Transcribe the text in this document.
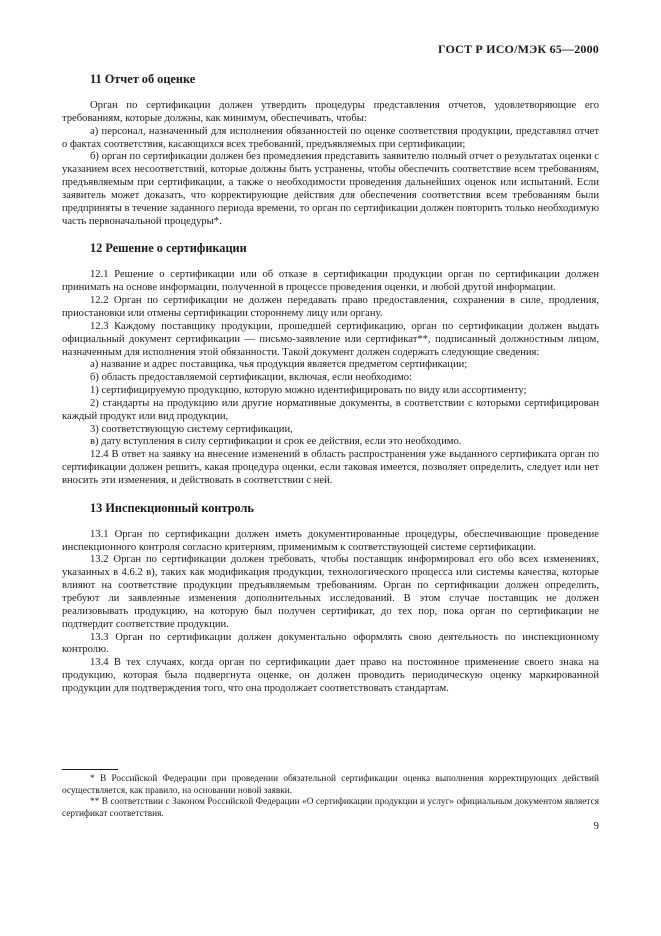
ГОСТ Р ИСО/МЭК 65—2000
11 Отчет об оценке

Орган по сертификации должен утвердить процедуры представления отчетов, удовлетворяющие его требованиям, которые должны, как минимум, обеспечивать, чтобы:

а) персонал, назначенный для исполнения обязанностей по оценке соответствия продукции, представлял отчет о фактах соответствия, касающихся всех требований, предъявляемых при сертификации;

б) орган по сертификации должен без промедления представить заявителю полный отчет о результатах оценки с указанием всех несоответствий, которые должны быть устранены, чтобы обеспечить соответствие всем требованиям, предъявляемым при сертификации, а также о необходимости проведения дальнейших оценок или испытаний. Если заявитель может доказать, что корректирующие действия для обеспечения соответствия всем требованиям были предприняты в течение заданного периода времени, то орган по сертификации должен повторить только необходимую часть первоначальной процедуры*.

12 Решение о сертификации

12.1 Решение о сертификации или об отказе в сертификации продукции орган по сертификации должен принимать на основе информации, полученной в процессе проведения оценки, и любой другой информации.

12.2 Орган по сертификации не должен передавать право предоставления, сохранения в силе, продления, приостановки или отмены сертификации стороннему лицу или органу.

12.3 Каждому поставщику продукции, прошедшей сертификацию, орган по сертификации должен выдать официальный документ сертификации — письмо-заявление или сертификат**, подписанный должностным лицом, назначенным для исполнения этой обязанности. Такой документ должен содержать следующие сведения:

а) название и адрес поставщика, чья продукция является предметом сертификации;

б) область предоставляемой сертификации, включая, если необходимо:

1) сертифицируемую продукцию, которую можно идентифицировать по виду или ассортименту;

2) стандарты на продукцию или другие нормативные документы, в соответствии с которыми сертифицирован каждый продукт или вид продукции,

3) соответствующую систему сертификации,

в) дату вступления в силу сертификации и срок ее действия, если это необходимо.

12.4 В ответ на заявку на внесение изменений в область распространения уже выданного сертификата орган по сертификации должен решить, какая процедура оценки, если таковая имеется, позволяет определить, следует или нет вносить эти изменения, и действовать в соответствии с ней.

13 Инспекционный контроль

13.1 Орган по сертификации должен иметь документированные процедуры, обеспечивающие проведение инспекционного контроля согласно критериям, применимым к соответствующей системе сертификации.

13.2 Орган по сертификации должен требовать, чтобы поставщик информировал его обо всех изменениях, указанных в 4.6.2 в), таких как модификация продукции, технологического процесса или системы качества, которые влияют на соответствие продукции предъявляемым требованиям. Орган по сертификации должен определить, требуют ли заявленные изменения дополнительных исследований. В этом случае поставщик не должен реализовывать продукцию, на которую был получен сертификат, до тех пор, пока орган по сертификации не подтвердит соответствие продукции.

13.3 Орган по сертификации должен документально оформлять свою деятельность по инспекционному контролю.

13.4 В тех случаях, когда орган по сертификации дает право на постоянное применение своего знака на продукцию, которая была подвергнута оценке, он должен проводить периодическую оценку маркированной продукции для подтверждения того, что она продолжает соответствовать стандартам.

* В Российской Федерации при проведении обязательной сертификации оценка выполнения корректирующих действий осуществляется, как правило, на основании новой заявки.

** В соответствии с Законом Российской Федерации «О сертификации продукции и услуг» официальным документом является сертификат соответствия.

9
